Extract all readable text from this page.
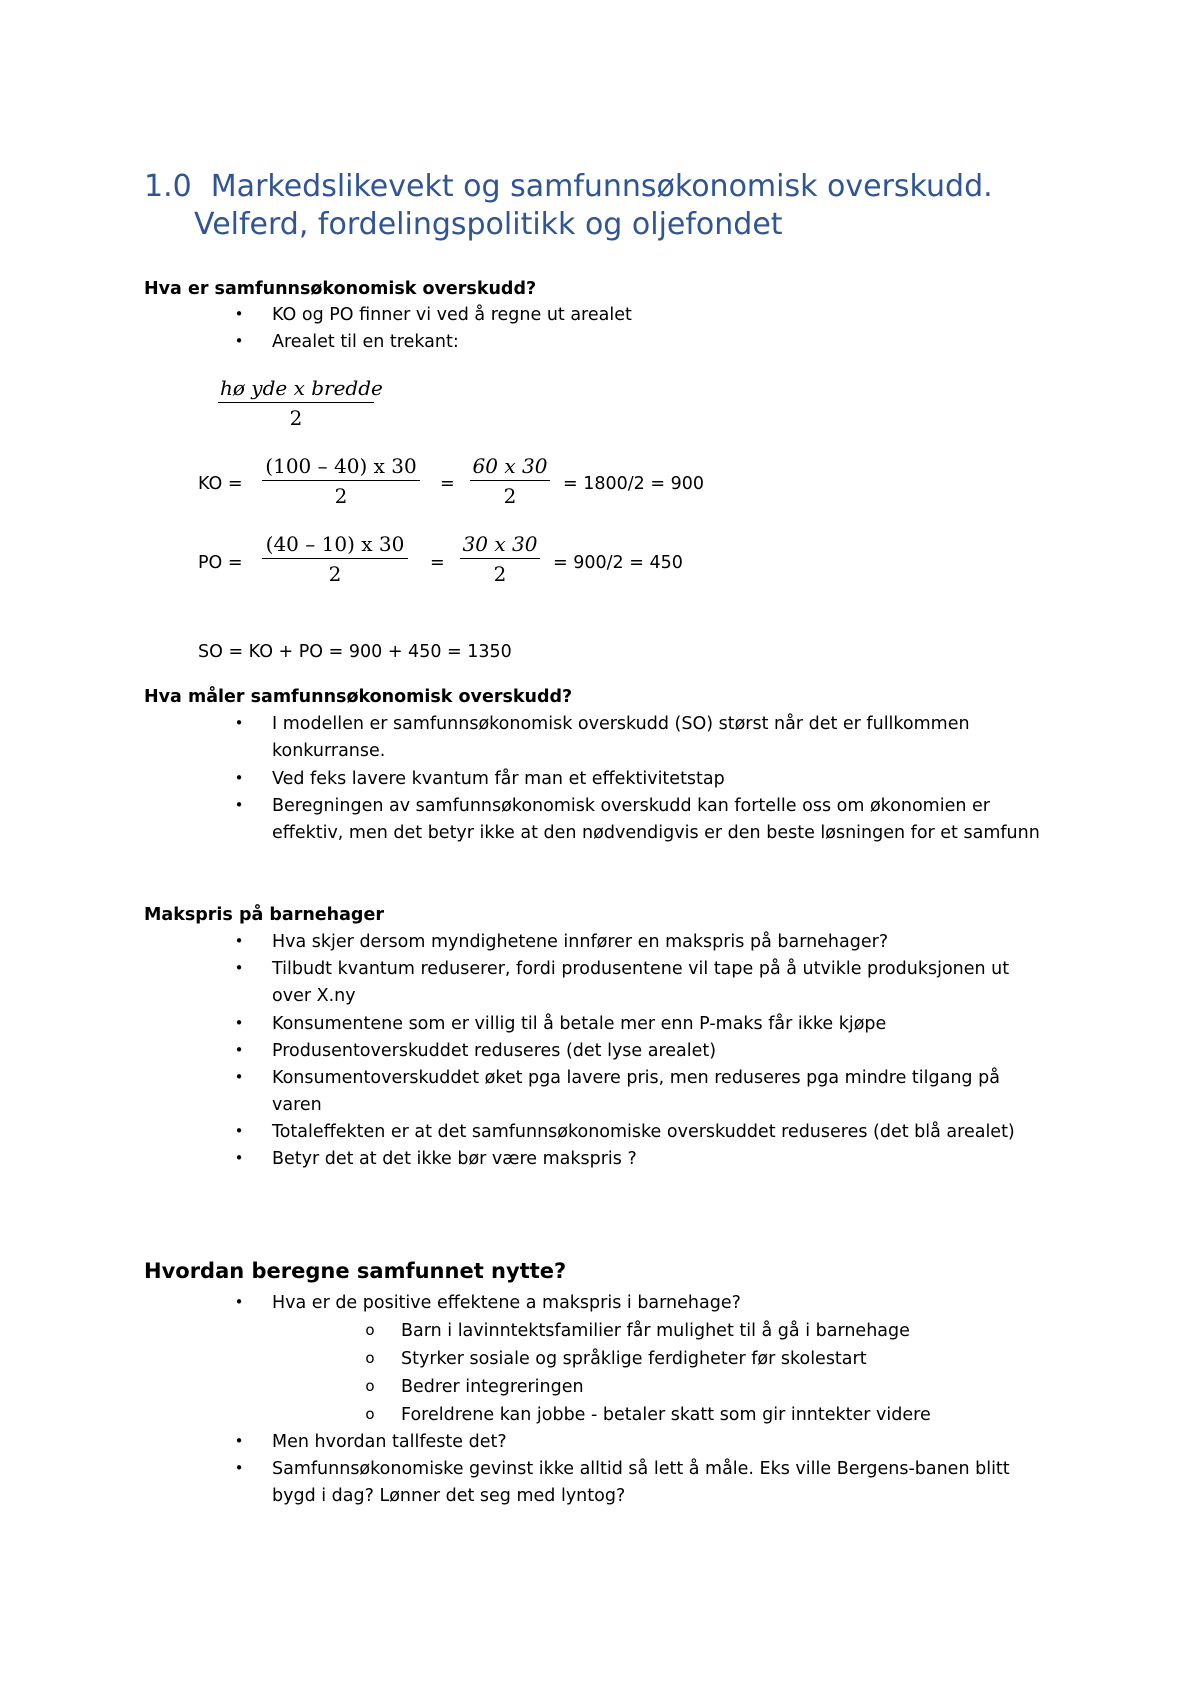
1.0 Markedslikevekt og samfunnsøkonomisk overskudd.
Velferd, fordelingspolitikk og oljefondet
Hva er samfunnsøkonomisk overskudd?
• KO og PO finner vi ved å regne ut arealet
• Arealet til en trekant:
hø yde x bredde
2
KO = $\frac{(100 - 40) x 30}{2} = \frac{60 x 30}{2} = 1800/2 = 900$
PO = $\frac{(40 - 10) x 30}{2} = \frac{30 x 30}{2} = 900/2 = 450$
SO = KO + PO = 900 + 450 = 1350
Hva måler samfunnsøkonomisk overskudd?
• I modellen er samfunnsøkonomisk overskudd (SO) størst når det er fullkommen
konkurranse.
• Ved feks lavere kvantum får man et effektivitetstap
• Beregningen av samfunnsøkonomisk overskudd kan fortelle oss om økonomien er
effektiv, men det betyr ikke at den nødvendigvis er den beste løsningen for et samfunn
Makspris på barnehager
• Hva skjer dersom myndighetene innfører en makspris på barnehager?
• Tilbudt kvantum reduserer, fordi produsentene vil tape på å utvikle produksjonen ut
over X.ny
• Konsumentene som er villig til å betale mer enn P-maks får ikke kjøpe
• Produsentoverskuddet reduseres (det lyse arealet)
• Konsumentoverskuddet øket pga lavere pris, men reduseres pga mindre tilgang på
varen
• Totaleffekten er at det samfunnsøkonomiske overskuddet reduseres (det blå arealet)
• Betyr det at det ikke bør være makspris ?
Hvordan beregne samfunnet nytte?
• Hva er de positive effektene a makspris i barnehage?
o Barn i lavinntektsfamilier får mulighet til å gå i barnehage
o Styrker sosiale og språklige ferdigheter før skolestart
o Bedrer integreringen
o Foreldrene kan jobbe - betaler skatt som gir inntekter videre
• Men hvordan tallfeste det?
• Samfunnsøkonomiske gevinst ikke alltid så lett å måle. Eks ville Bergens-banen blitt
bygd i dag? Lønner det seg med lyntog?
